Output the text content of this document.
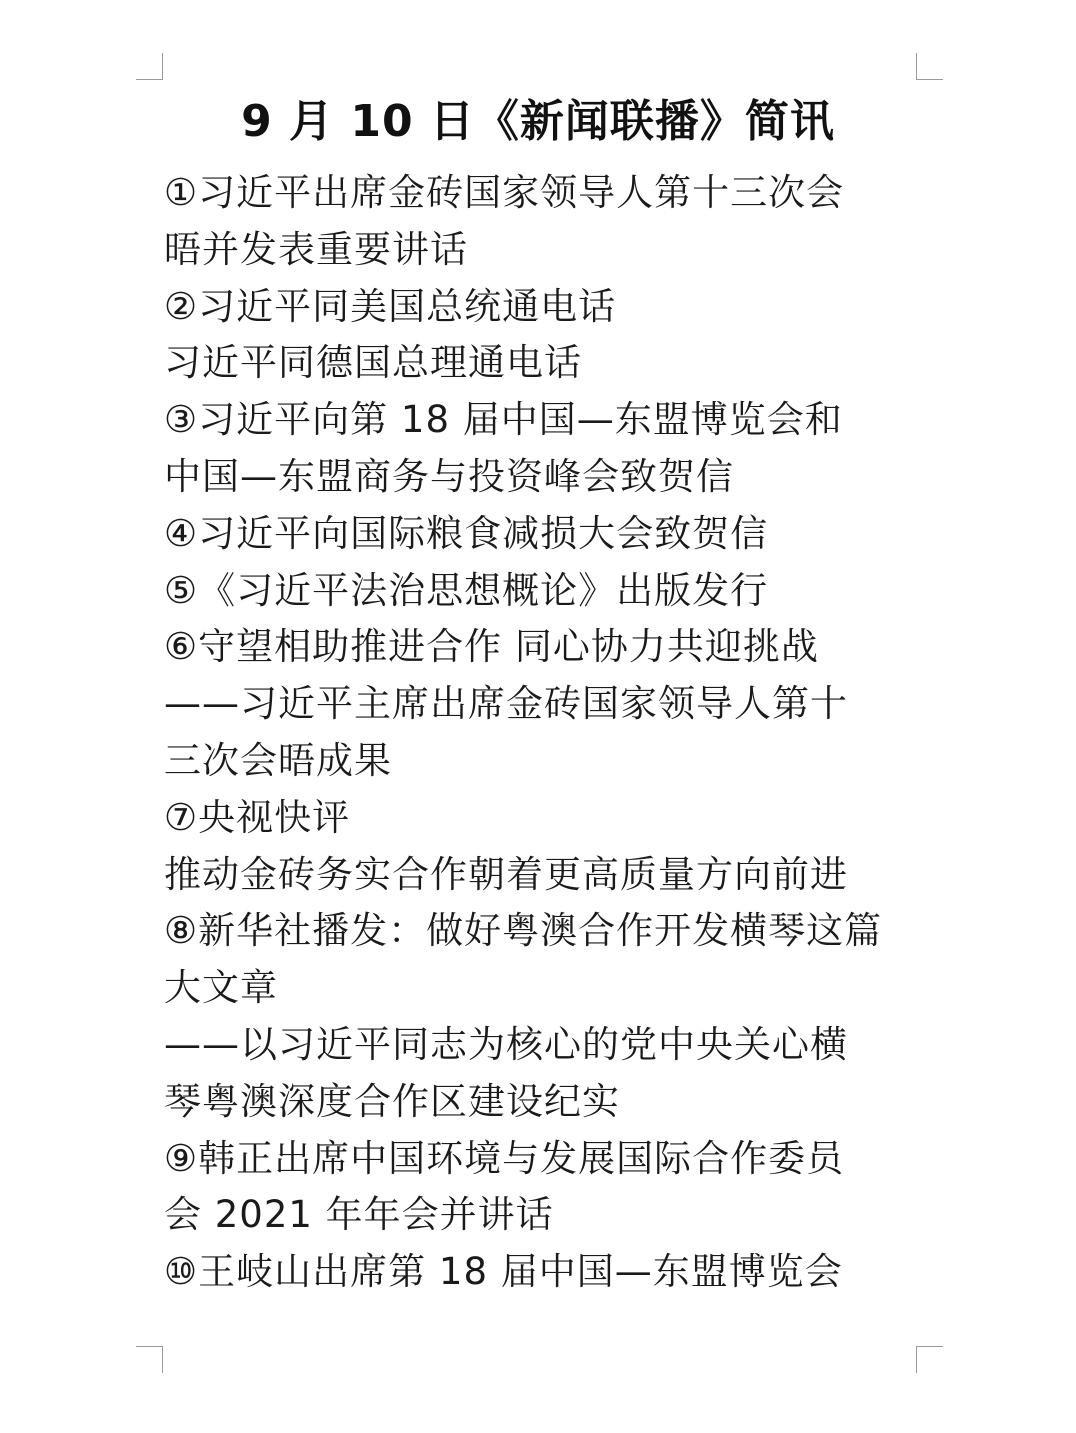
9 月 10 日《新闻联播》简讯
①习近平出席金砖国家领导人第十三次会
晤并发表重要讲话
②习近平同美国总统通电话
习近平同德国总理通电话
③习近平向第 18 届中国—东盟博览会和
中国—东盟商务与投资峰会致贺信
④习近平向国际粮食减损大会致贺信
⑤《习近平法治思想概论》出版发行
⑥守望相助推进合作 同心协力共迎挑战
——习近平主席出席金砖国家领导人第十
三次会晤成果
⑦央视快评
推动金砖务实合作朝着更高质量方向前进
⑧新华社播发：做好粤澳合作开发横琴这篇
大文章
——以习近平同志为核心的党中央关心横
琴粤澳深度合作区建设纪实
⑨韩正出席中国环境与发展国际合作委员
会 2021 年年会并讲话
⑩王岐山出席第 18 届中国—东盟博览会
